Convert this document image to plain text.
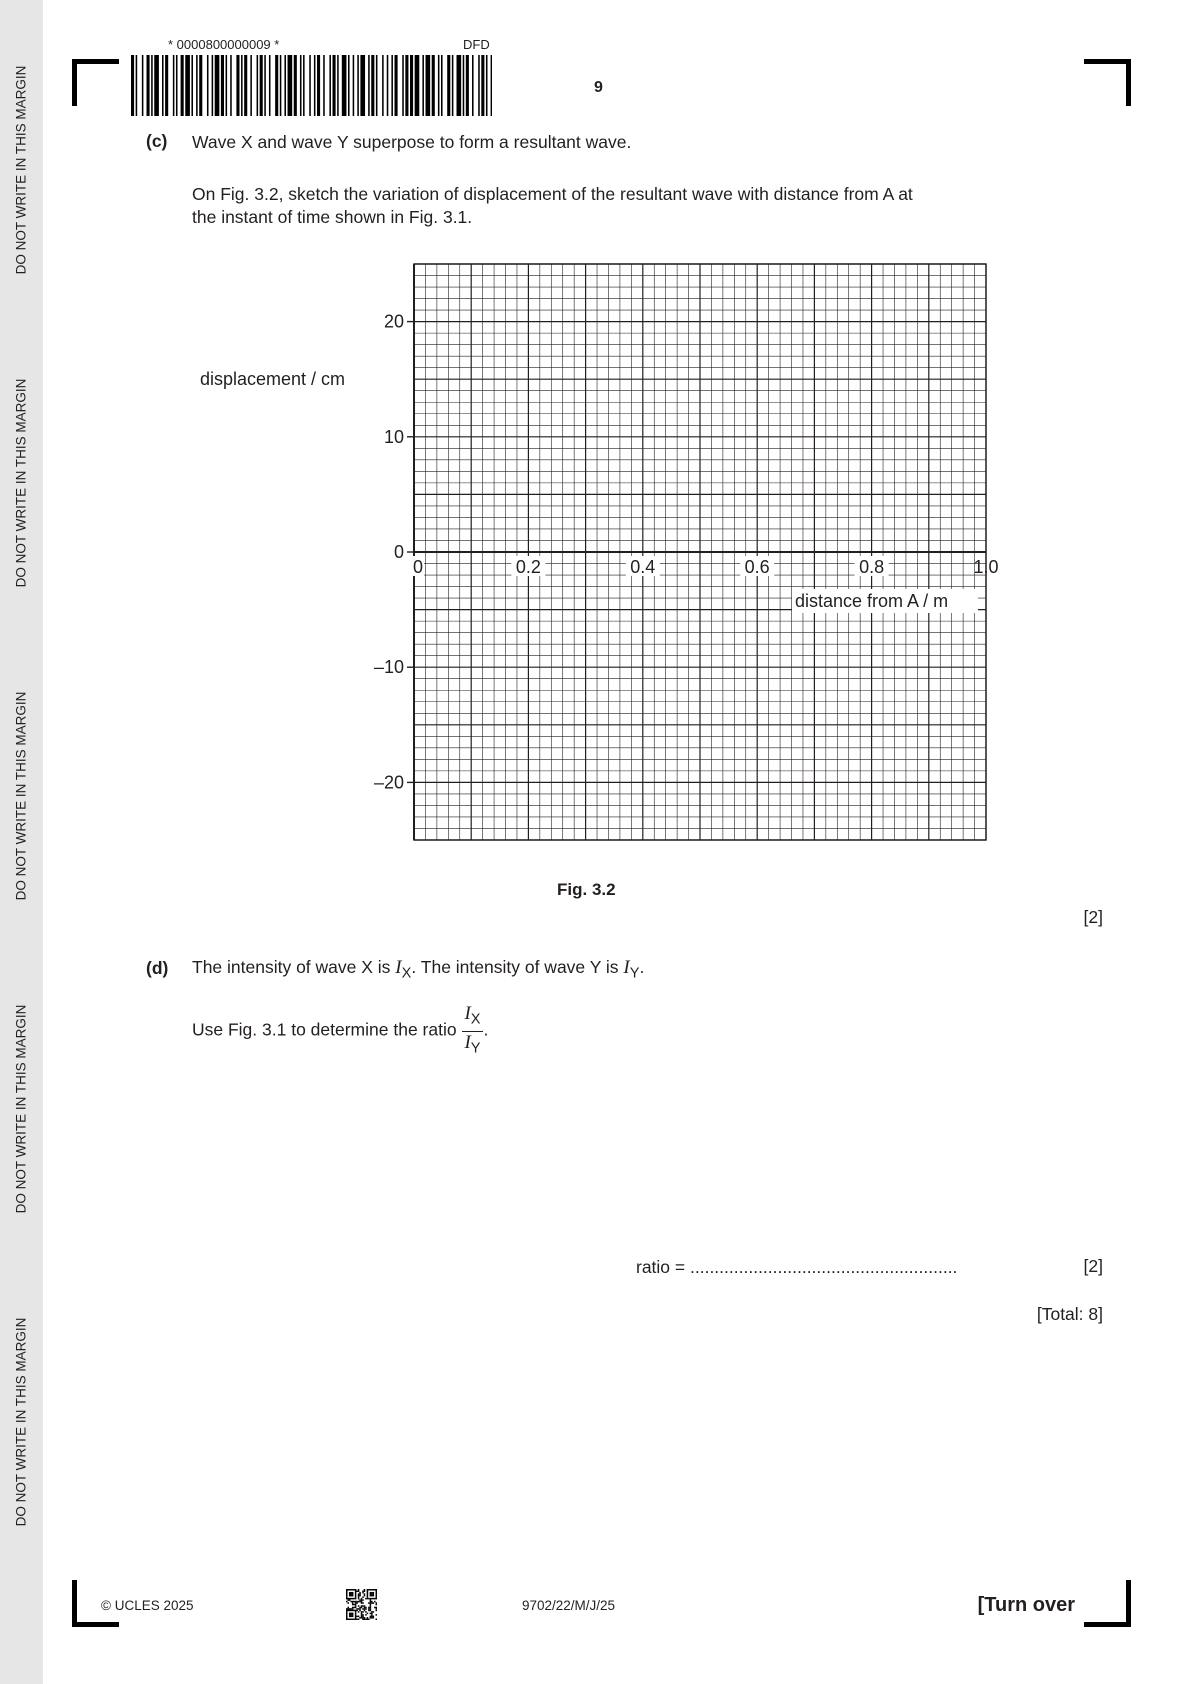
DO NOT WRITE IN THIS MARGIN
DO NOT WRITE IN THIS MARGIN
DO NOT WRITE IN THIS MARGIN
DO NOT WRITE IN THIS MARGIN
DO NOT WRITE IN THIS MARGIN
* 0000800000009 *	DFD
9
(c) Wave X and wave Y superpose to form a resultant wave.
On Fig. 3.2, sketch the variation of displacement of the resultant wave with distance from A at
the instant of time shown in Fig. 3.1.
20
10
0
–10
–20
0	0.2	0.4	0.6	0.8	1.0
distance from A / m
displacement / cm
Fig. 3.2
[2]
(d) The intensity of wave X is $I_X$. The intensity of wave Y is $I_Y$.
Use Fig. 3.1 to determine the ratio $\frac{I_X}{I_Y}$ .
ratio = .......................................................	[2]
[Total: 8]
© UCLES 2025	9702/22/M/J/25	[Turn over
